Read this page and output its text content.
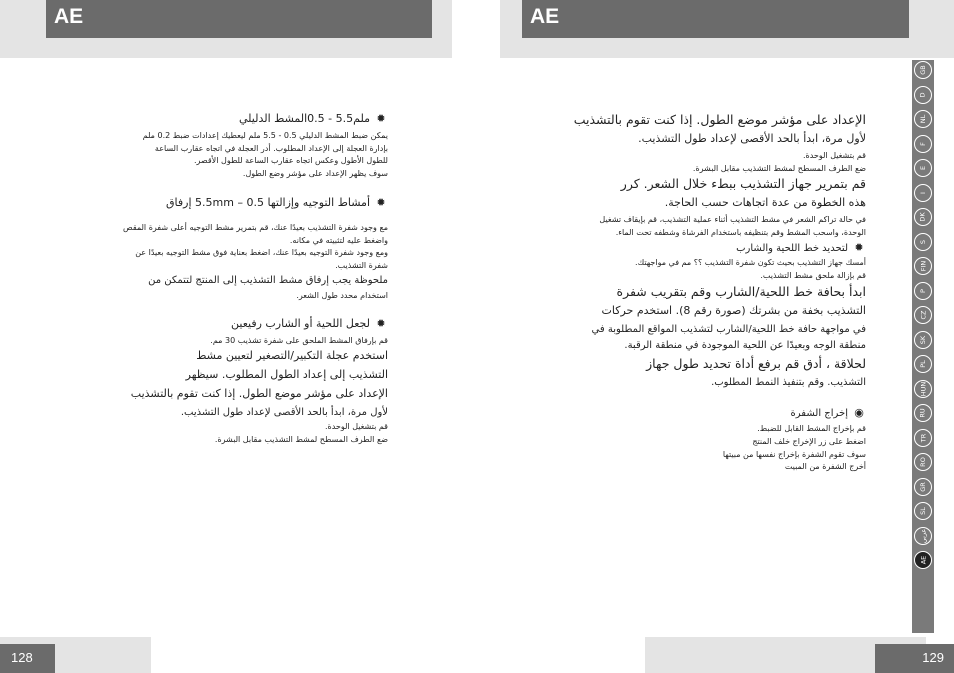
AE	AE

✹ملم5.5 - 0.5المشط الدليلي

يمكن ضبط المشط الدليلي 0.5 - 5.5 ملم ليعطيك إعدادات ضبط 0.2 ملم

بإدارة العجلة إلى الإعداد المطلوب. أدر العجلة في اتجاه عقارب الساعة

للطول الأطول وعكس اتجاه عقارب الساعة للطول الأقصر.

سوف يظهر الإعداد على مؤشر وضع الطول.

✹أمشاط التوجيه وإزالتها 0.5 – 5.5mm إرفاق

مع وجود شفرة التشذيب بعيدًا عنك، قم بتمرير مشط التوجيه أعلى شفرة المقص

واضغط عليه لتثبيته في مكانه.

ومع وجود شفرة التوجيه بعيدًا عنك، اضغط بعناية فوق مشط التوجيه بعيدًا عن

شفرة التشذيب.

ملحوظة يجب إرفاق مشط التشذيب إلى المنتج لتتمكن من

استخدام محدد طول الشعر.

✹لجعل اللحية أو الشارب رفيعين

قم بإرفاق المشط الملحق على شفرة تشذيب 30 مم.

استخدم عجلة التكبير/التصغير لتعيين مشط

التشذيب إلى إعداد الطول المطلوب. سيظهر

الإعداد على مؤشر موضع الطول. إذا كنت تقوم بالتشذيب

لأول مرة، ابدأ بالحد الأقصى لإعداد طول التشذيب.

قم بتشغيل الوحدة.

ضع الطرف المسطح لمشط التشذيب مقابل البشرة.

الإعداد على مؤشر موضع الطول. إذا كنت تقوم بالتشذيب

لأول مرة، ابدأ بالحد الأقصى لإعداد طول التشذيب.

قم بتشغيل الوحدة.

ضع الطرف المسطح لمشط التشذيب مقابل البشرة.

قم بتمرير جهاز التشذيب ببطء خلال الشعر. كرر

هذه الخطوة من عدة اتجاهات حسب الحاجة.

في حالة تراكم الشعر في مشط التشذيب أثناء عملية التشذيب، قم بإيقاف تشغيل

الوحدة، واسحب المشط وقم بتنظيفه باستخدام الفرشاة وشطفه تحت الماء.

✹لتحديد خط اللحية والشارب

أمسك جهاز التشذيب بحيث تكون شفرة التشذيب ؟؟ مم في مواجهتك.

قم بإزالة ملحق مشط التشذيب.

ابدأ بحافة خط اللحية/الشارب وقم بتقريب شفرة

التشذيب بخفة من بشرتك (صورة رقم 8). استخدم حركات

في مواجهة حافة خط اللحية/الشارب لتشذيب المواقع المطلوبة في

منطقة الوجه وبعيدًا عن اللحية الموجودة في منطقة الرقبة.

لحلاقة ، أدق قم برفع أداة تحديد طول جهاز

التشذيب. وقم بتنفيذ النمط المطلوب.

◉إخراج الشفرة

قم بإخراج المشط القابل للضبط.

اضغط على زر الإخراج خلف المنتج

سوف تقوم الشفرة بإخراج نفسها من مبيتها

أخرج الشفرة من المبيت

GB
D
NL
F
E
I
DK
S
FIN
P
CZ
SK
PL
HUN
RU
TR
RO
GR
SL
عربي
AE
128	129
